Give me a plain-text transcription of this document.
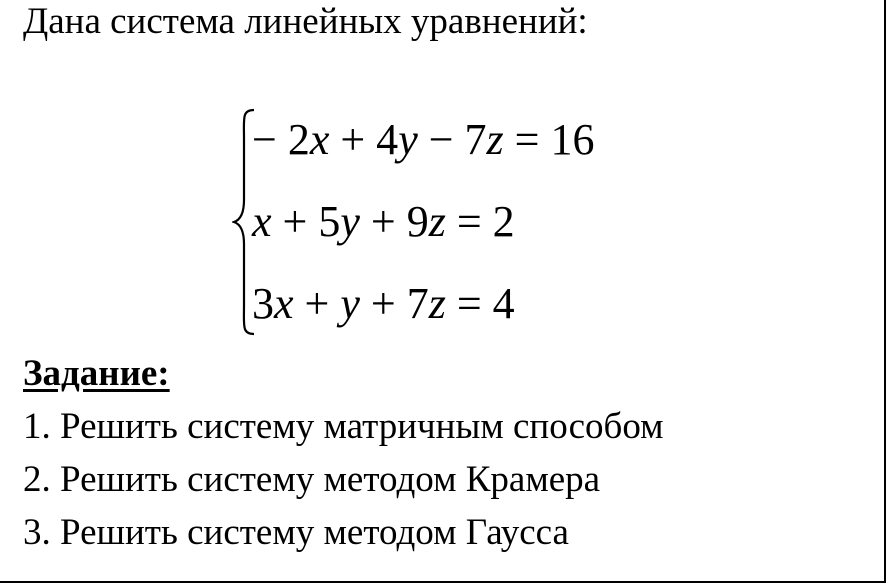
Дана система линейных уравнений:
− 2x + 4y − 7z = 16
x + 5y + 9z = 2
3x + y + 7z = 4
Задание:
1. Решить систему матричным способом
2. Решить систему методом Крамера
3. Решить систему методом Гаусса
